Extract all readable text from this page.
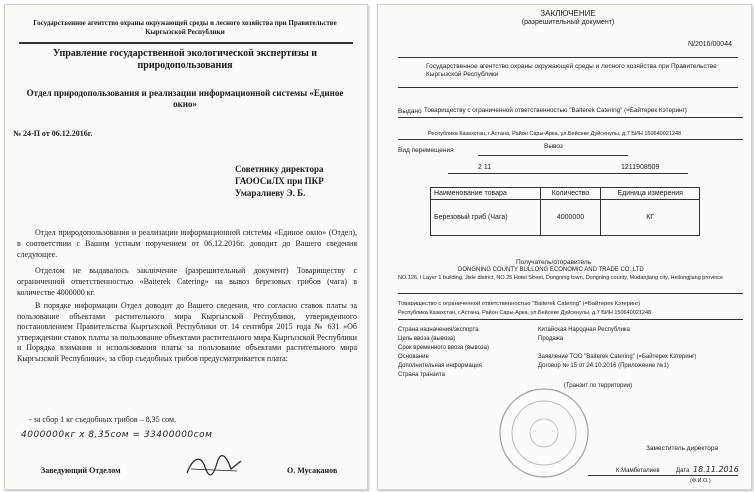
Государственное агентство охраны окружающей среды и лесного хозяйства при Правительстве Кыргызской Республики
Управление государственной экологической экспертизы и природопользования
Отдел природопользования и реализации информационной системы «Единое окно»
№ 24-П от 06.12.2016г.
Советнику директора
ГАООСиЛХ при ПКР
Умаралиеву Э. Б.
Отдел природопользования и реализации информационной системы «Единое окно» (Отдел), в соответствии с Вашим устным поручением от 06.12.2016г. доводит до Вашего сведения следующее.
Отделом не выдавалось заключение (разрешительный документ) Товариществу с ограниченной ответственностью «Baiterek Catering» на вывоз березовых грибов (чага) в количестве 4000000 кг.
В порядке информации Отдел доводит до Вашего сведения, что согласно ставок платы за пользование объектами растительного мира Кыргызской Республики, утвержденного постановлением Правительства Кыргызской Республики от 14 сентября 2015 года № 631 «Об утверждении ставок платы за пользование объектами растительного мира Кыргызской Республики и Порядка взимания и использования платы за пользование объектами растительного мира Кыргызской Республики», за сбор съедобных грибов предусматривается плата:
- за сбор 1 кг съедобных грибов – 8,35 сом.
4000000кг х 8,35сом = 33400000сом
Заведующий Отделом	О. Мусаканов
ЗАКЛЮЧЕНИЕ
(разрешительный документ)
N/2016/00044
Государственное агентство охраны окружающей среды и лесного хозяйства при Правительстве Кыргызской Республики
Выдано Товариществу с ограниченной ответственностью "Baiterek Catering" (=Байтерек Кэтеринг)
Республика Казахстан, г.Астана, Район Сары-Арка, ул.Бейсеке Дуйсенулы, д.7 БИН 150640021248
Вид перемещения
Вывоз
2 11	1211908509
Наименование товара	Количество	Единица измерения
Березовый гриб (Чага)	4000000	КГ
Получатель/отправитель
DONGNING COUNTY BULLONG ECONOMIC AND TRADE CO.,LTD
NO.126, I Layer 1 building, Jixle district, NO.25 Hotel Street, Dongning town, Dongning county, Mudanjiang city, Heilongjiang province
Товарищество с ограниченной ответственностью "Baiterek Catering" (=Байтерек Кэтеринг)
Республика Казахстан, г.Астана, Район Сары-Арка, ул.Бейсеке Дуйсенулы, д.7 БИН 150640021248
Страна назначения/экспорта	Китайская Народная Республика
Цель ввоза (вывоза)	Продажа
Срок временного ввоза (вывоза)
Основание	Заявление ТОО "Baiterek Catering" (=Байтерек Кэтеринг)
Дополнительная информация	Договор № 15 от 24.10.2016 (Приложение №1)
Страна транзита
(Транзит по территории)
Заместитель директора
К.Мамбеталиев	Дата 18.11.2016
(Ф.И.О.)
